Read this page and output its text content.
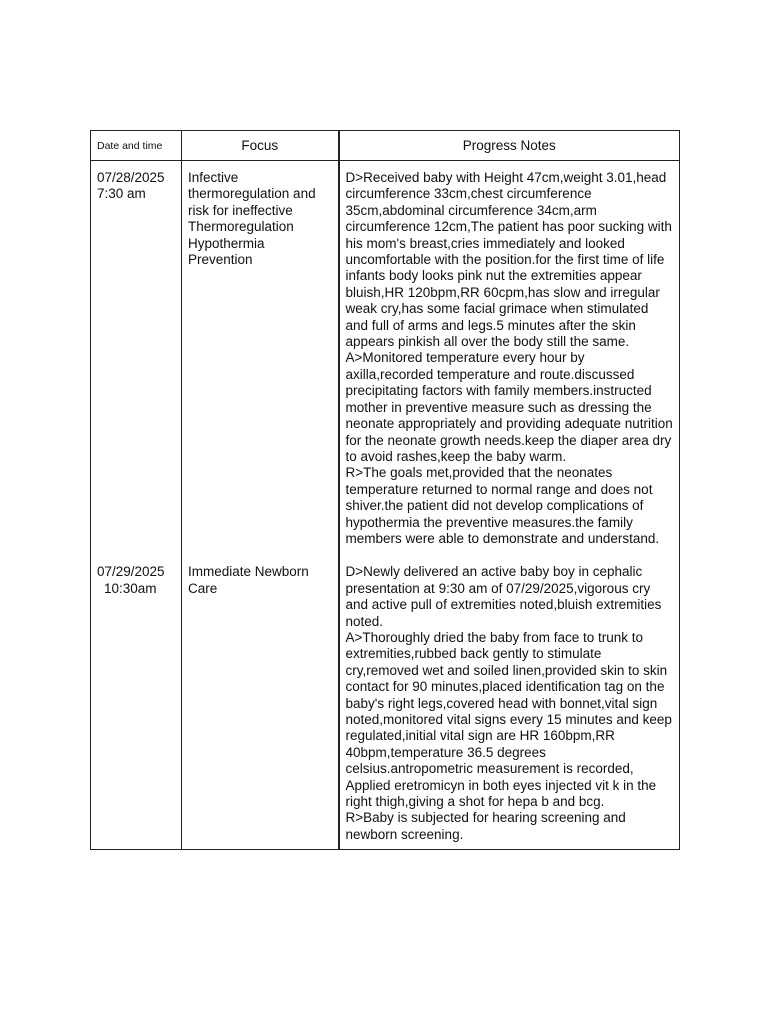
Date and time	Focus	Progress Notes

07/28/2025
7:30 am	Infective thermoregulation and risk for ineffective Thermoregulation Hypothermia Prevention	D>Received baby with Height 47cm,weight 3.01,head circumference 33cm,chest circumference 35cm,abdominal circumference 34cm,arm circumference 12cm,The patient has poor sucking with his mom's breast,cries immediately and looked uncomfortable with the position.for the first time of life infants body looks pink nut the extremities appear bluish,HR 120bpm,RR 60cpm,has slow and irregular weak cry,has some facial grimace when stimulated and full of arms and legs.5 minutes after the skin appears pinkish all over the body still the same.
A>Monitored temperature every hour by axilla,recorded temperature and route.discussed precipitating factors with family members.instructed mother in preventive measure such as dressing the neonate appropriately and providing adequate nutrition for the neonate growth needs.keep the diaper area dry to avoid rashes,keep the baby warm.
R>The goals met,provided that the neonates temperature returned to normal range and does not shiver.the patient did not develop complications of hypothermia the preventive measures.the family members were able to demonstrate and understand.

07/29/2025
10:30am	Immediate Newborn Care	D>Newly delivered an active baby boy in cephalic presentation at 9:30 am of 07/29/2025,vigorous cry and active pull of extremities noted,bluish extremities noted.
A>Thoroughly dried the baby from face to trunk to extremities,rubbed back gently to stimulate cry,removed wet and soiled linen,provided skin to skin contact for 90 minutes,placed identification tag on the baby's right legs,covered head with bonnet,vital sign noted,monitored vital signs every 15 minutes and keep regulated,initial vital sign are HR 160bpm,RR 40bpm,temperature 36.5 degrees celsius.antropometric measurement is recorded, Applied eretromicyn in both eyes injected vit k in the right thigh,giving a shot for hepa b and bcg.
R>Baby is subjected for hearing screening and newborn screening.
